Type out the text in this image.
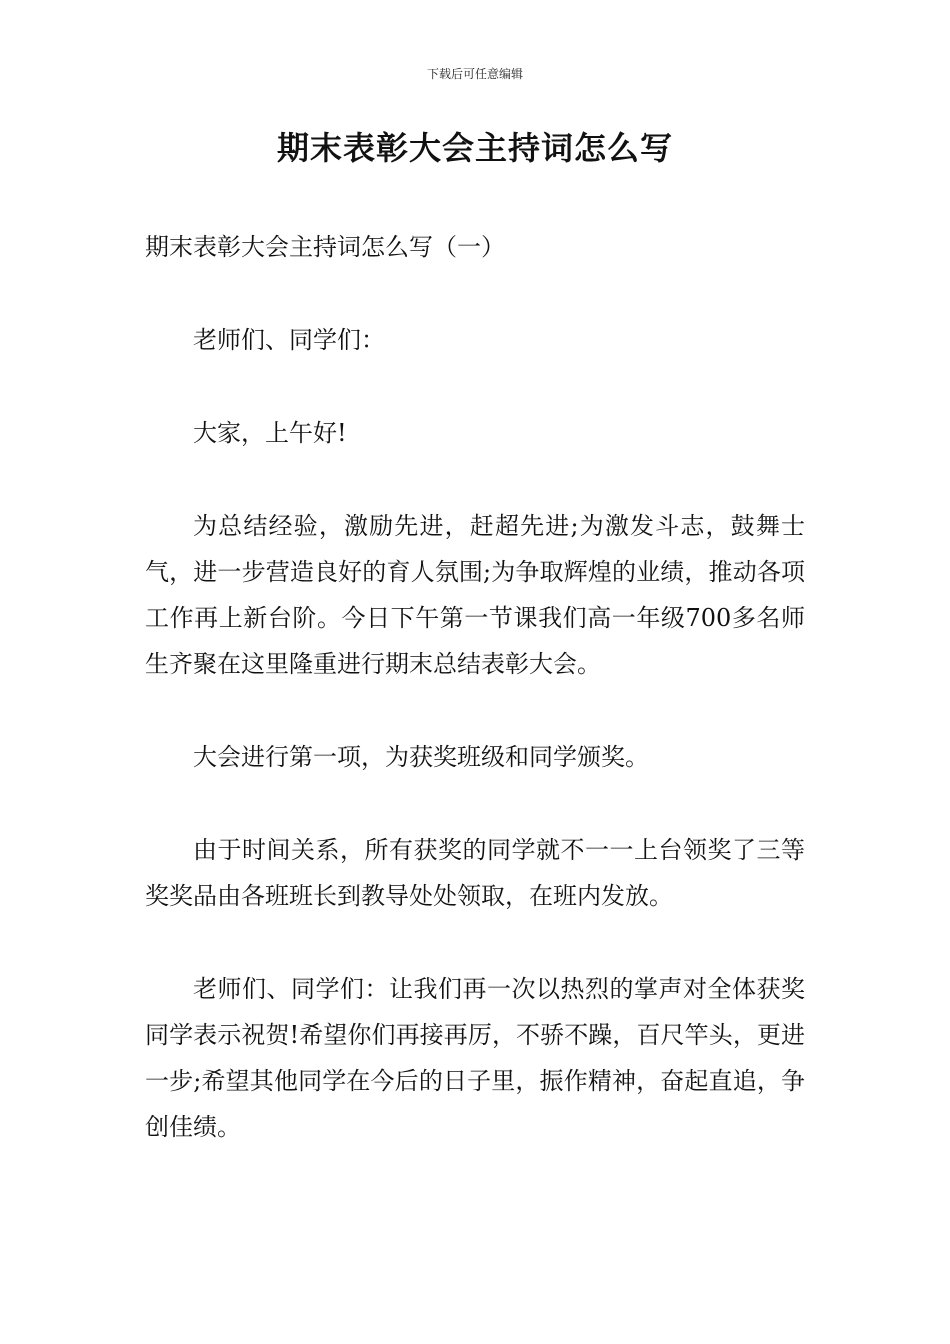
下载后可任意编辑
期末表彰大会主持词怎么写

期末表彰大会主持词怎么写（一）

老师们、同学们：

大家，上午好!

为总结经验，激励先进，赶超先进;为激发斗志，鼓舞士气，进一步营造良好的育人氛围;为争取辉煌的业绩，推动各项工作再上新台阶。今日下午第一节课我们高一年级700多名师生齐聚在这里隆重进行期末总结表彰大会。

大会进行第一项，为获奖班级和同学颁奖。

由于时间关系，所有获奖的同学就不一一上台领奖了三等奖奖品由各班班长到教导处处领取，在班内发放。

老师们、同学们：让我们再一次以热烈的掌声对全体获奖同学表示祝贺!希望你们再接再厉，不骄不躁，百尺竿头，更进一步;希望其他同学在今后的日子里，振作精神，奋起直追，争创佳绩。
